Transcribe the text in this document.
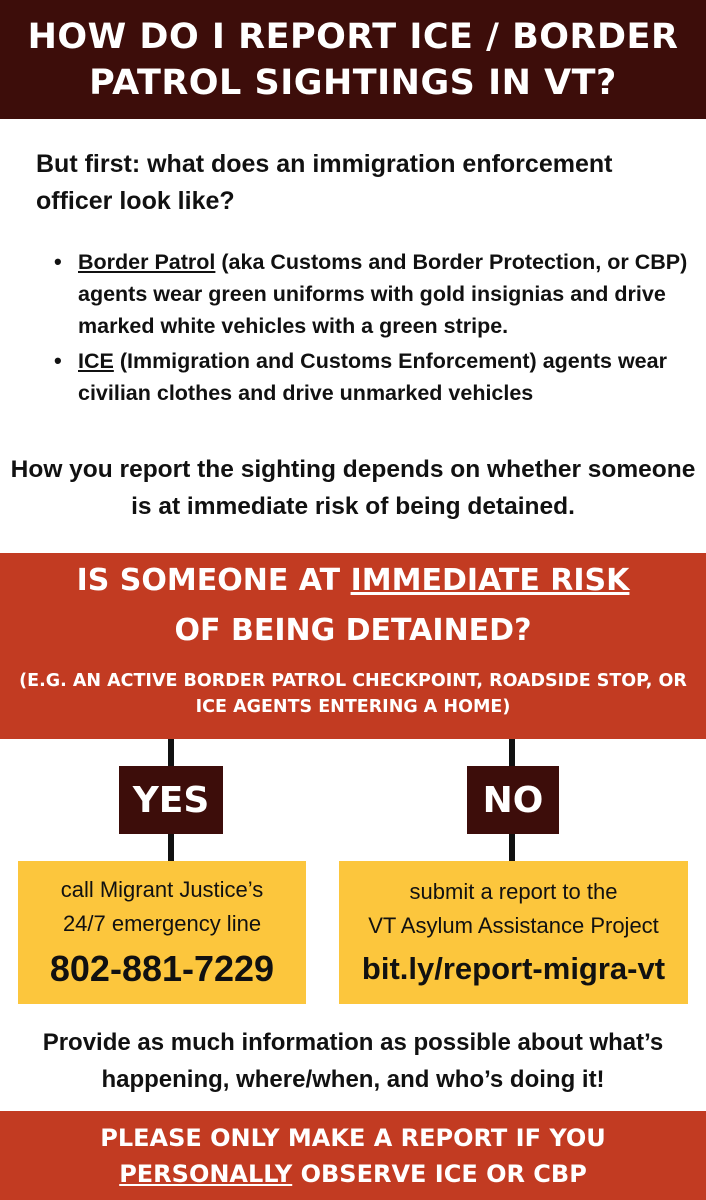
HOW DO I REPORT ICE / BORDER
PATROL SIGHTINGS IN VT?

But first: what does an immigration enforcement officer look like?

• Border Patrol (aka Customs and Border Protection, or CBP) agents wear green uniforms with gold insignias and drive marked white vehicles with a green stripe.
• ICE (Immigration and Customs Enforcement) agents wear civilian clothes and drive unmarked vehicles

How you report the sighting depends on whether someone is at immediate risk of being detained.

IS SOMEONE AT IMMEDIATE RISK
OF BEING DETAINED?

(E.G. AN ACTIVE BORDER PATROL CHECKPOINT, ROADSIDE STOP, OR ICE AGENTS ENTERING A HOME)

YES	NO
call Migrant Justice’s
24/7 emergency line
802-881-7229
submit a report to the
VT Asylum Assistance Project
bit.ly/report-migra-vt

Provide as much information as possible about what’s happening, where/when, and who’s doing it!

PLEASE ONLY MAKE A REPORT IF YOU
PERSONALLY OBSERVE ICE OR CBP
